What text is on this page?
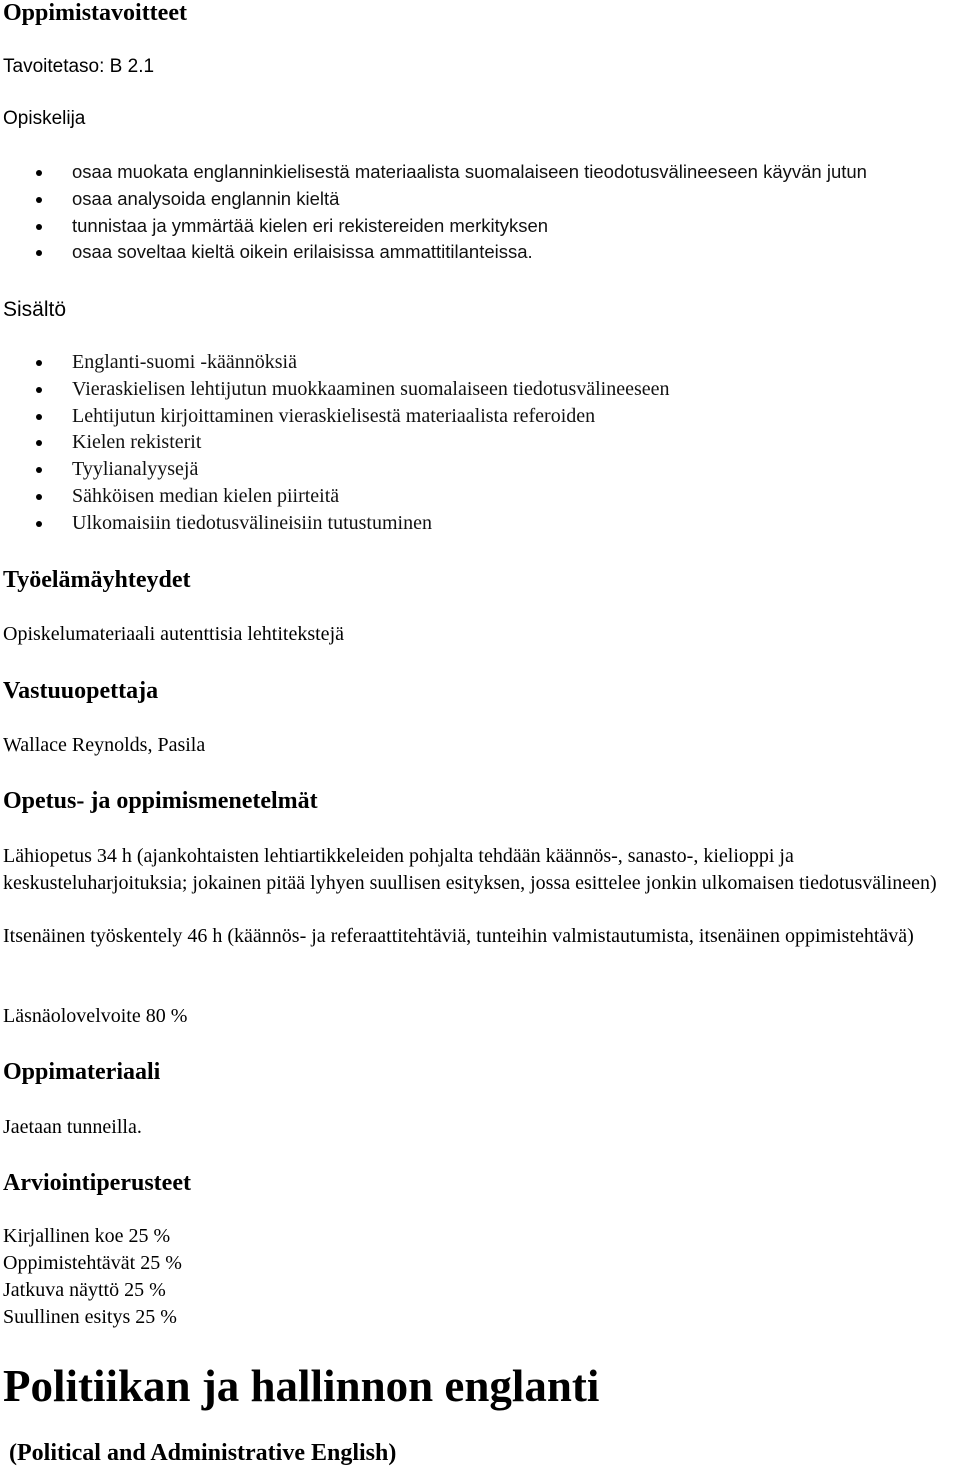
Oppimistavoitteet

Tavoitetaso: B 2.1

Opiskelija

osaa muokata englanninkielisestä materiaalista suomalaiseen tieodotusvälineeseen käyvän jutun
osaa analysoida englannin kieltä
tunnistaa ja ymmärtää kielen eri rekistereiden merkityksen
osaa soveltaa kieltä oikein erilaisissa ammattitilanteissa.
Sisältö
Englanti-suomi -käännöksiä
Vieraskielisen lehtijutun muokkaaminen suomalaiseen tiedotusvälineeseen
Lehtijutun kirjoittaminen vieraskielisestä materiaalista referoiden
Kielen rekisterit
Tyylianalyysejä
Sähköisen median kielen piirteitä
Ulkomaisiin tiedotusvälineisiin tutustuminen
Työelämäyhteydet

Opiskelumateriaali autenttisia lehtitekstejä

Vastuuopettaja

Wallace Reynolds, Pasila

Opetus- ja oppimismenetelmät

Lähiopetus 34 h (ajankohtaisten lehtiartikkeleiden pohjalta tehdään käännös-, sanasto-, kielioppi ja keskusteluharjoituksia; jokainen pitää lyhyen suullisen esityksen, jossa esittelee jonkin ulkomaisen tiedotusvälineen)

Itsenäinen työskentely 46 h (käännös- ja referaattitehtäviä, tunteihin valmistautumista, itsenäinen oppimistehtävä)

Läsnäolovelvoite 80 %

Oppimateriaali

Jaetaan tunneilla.

Arviointiperusteet

Kirjallinen koe 25 %

Oppimistehtävät 25 %

Jatkuva näyttö 25 %

Suullinen esitys 25 %

Politiikan ja hallinnon englanti
(Political and Administrative English)
